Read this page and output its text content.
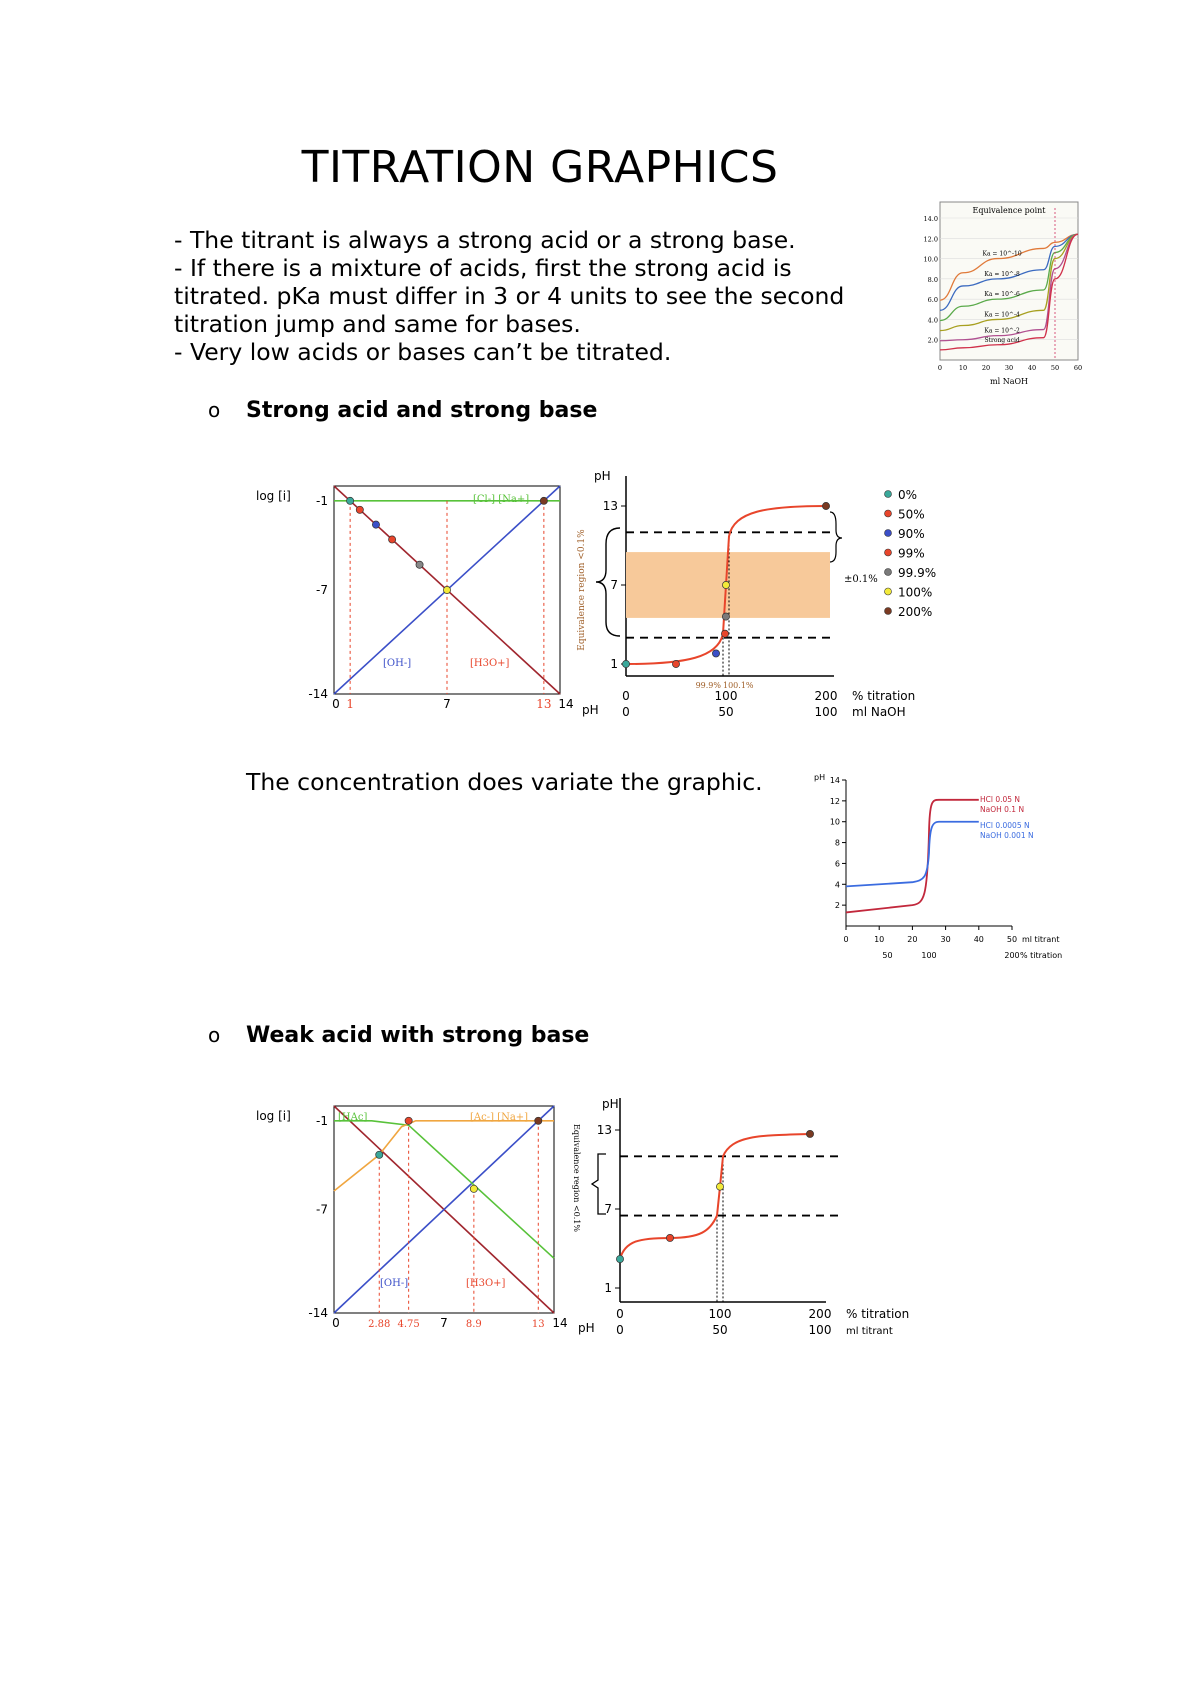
TITRATION GRAPHICS
- The titrant is always a strong acid or a strong base.
- If there is a mixture of acids, first the strong acid is
titrated. pKa must differ in 3 or 4 units to see the second
titration jump and same for bases.
- Very low acids or bases can’t be titrated.
o Strong acid and strong base
o Weak acid with strong base
The concentration does variate the graphic.
Equivalence point
14.0
12.0
10.0
8.0
6.0
4.0
2.0
0	10 20 30 40 50 60
Ka = 10^-10
Ka = 10^-8
Ka = 10^-6
Ka = 10^-4
Ka = 10^-2
Strong acid
ml NaOH
log [i]
pH
-1
-7
-14
0 1	7	13 14
[Cl-] [Na+]
[OH-]	[H3O+]
pH
Equivalence region <0.1%	±0.1%
1
7
13
0	100	200
0	50	100
% titration
ml NaOH
99.9% 100.1%
0%
50%
90%
99%
99.9%
100%
200%
pH 14
12
10
8
6
4
2
0	10	20	30	40	50 ml titrant
50	100	200 % titration
HCl 0.05 N
NaOH 0.1 N
HCl 0.0005 N
NaOH 0.001 N
log [i]
pH
-1
-7
-14
0	2.88 4.75 7 8.9	13 14
[HAc]	[Ac-] [Na+]
[OH-]	[H3O+]
pH
Equivalence region <0.1%
1
7
13
0	100	200
0	50	100
% titration
ml titrant
